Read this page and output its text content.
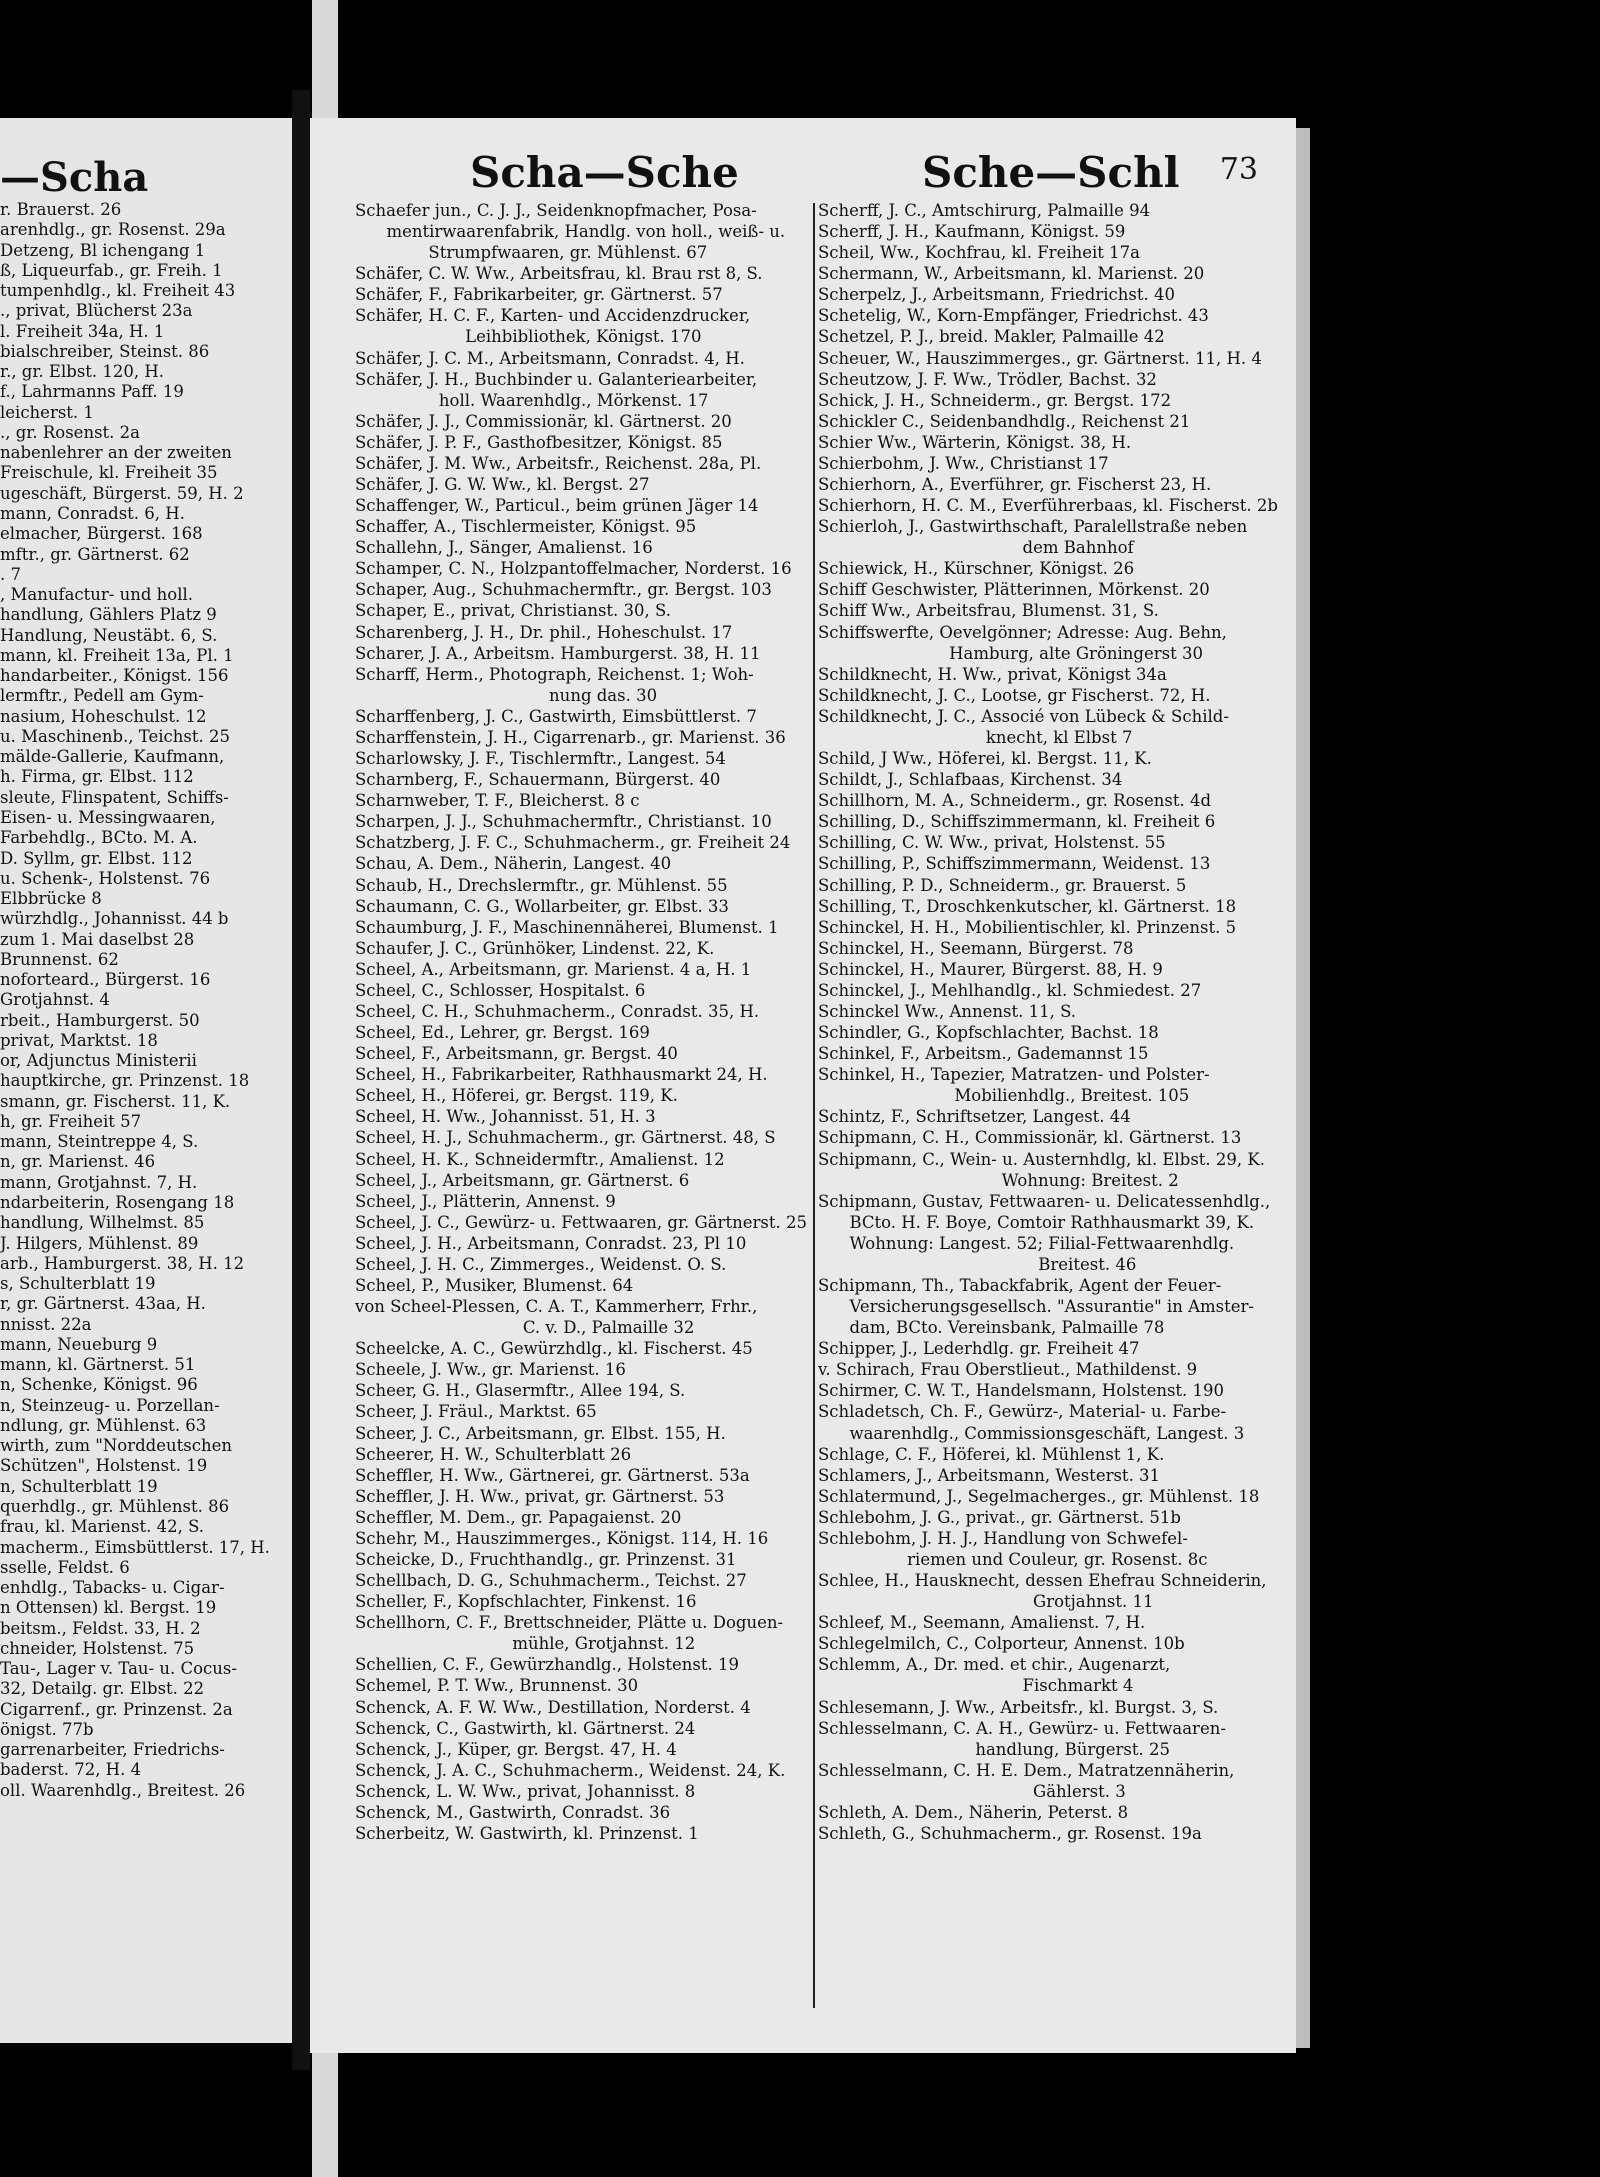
—Scha
r. Brauerst. 26
arenhdlg., gr. Rosenst. 29a
Detzeng, Bl ichengang 1
ß, Liqueurfab., gr. Freih. 1
tumpenhdlg., kl. Freiheit 43
., privat, Blücherst 23a
l. Freiheit 34a, H. 1
bialschreiber, Steinst. 86
r., gr. Elbst. 120, H.
f., Lahrmanns Paff. 19
leicherst. 1
., gr. Rosenst. 2a
nabenlehrer an der zweiten
Freischule, kl. Freiheit 35
ugeschäft, Bürgerst. 59, H. 2
mann, Conradst. 6, H.
elmacher, Bürgerst. 168
mftr., gr. Gärtnerst. 62
. 7
, Manufactur- und holl.
handlung, Gählers Platz 9
Handlung, Neustäbt. 6, S.
mann, kl. Freiheit 13a, Pl. 1
handarbeiter., Königst. 156
lermftr., Pedell am Gym-
nasium, Hoheschulst. 12
u. Maschinenb., Teichst. 25
mälde-Gallerie, Kaufmann,
h. Firma, gr. Elbst. 112
sleute, Flinspatent, Schiffs-
Eisen- u. Messingwaaren,
Farbehdlg., BCto. M. A.
D. Syllm, gr. Elbst. 112
u. Schenk-, Holstenst. 76
Elbbrücke 8
würzhdlg., Johannisst. 44 b
zum 1. Mai daselbst 28
Brunnenst. 62
noforteard., Bürgerst. 16
Grotjahnst. 4
rbeit., Hamburgerst. 50
privat, Marktst. 18
or, Adjunctus Ministerii
hauptkirche, gr. Prinzenst. 18
smann, gr. Fischerst. 11, K.
h, gr. Freiheit 57
mann, Steintreppe 4, S.
n, gr. Marienst. 46
mann, Grotjahnst. 7, H.
ndarbeiterin, Rosengang 18
handlung, Wilhelmst. 85
J. Hilgers, Mühlenst. 89
arb., Hamburgerst. 38, H. 12
s, Schulterblatt 19
r, gr. Gärtnerst. 43aa, H.
nnisst. 22a
mann, Neueburg 9
mann, kl. Gärtnerst. 51
n, Schenke, Königst. 96
n, Steinzeug- u. Porzellan-
ndlung, gr. Mühlenst. 63
wirth, zum "Norddeutschen
Schützen", Holstenst. 19
n, Schulterblatt 19
querhdlg., gr. Mühlenst. 86
frau, kl. Marienst. 42, S.
macherm., Eimsbüttlerst. 17, H.
sselle, Feldst. 6
enhdlg., Tabacks- u. Cigar-
n Ottensen) kl. Bergst. 19
beitsm., Feldst. 33, H. 2
chneider, Holstenst. 75
Tau-, Lager v. Tau- u. Cocus-
32, Detailg. gr. Elbst. 22
Cigarrenf., gr. Prinzenst. 2a
önigst. 77b
garrenarbeiter, Friedrichs-
baderst. 72, H. 4
oll. Waarenhdlg., Breitest. 26
Scha—Sche	Sche—Schl 73
Schaefer jun., C. J. J., Seidenknopfmacher, Posa-
mentirwaarenfabrik, Handlg. von holl., weiß- u.
Strumpfwaaren, gr. Mühlenst. 67
Schäfer, C. W. Ww., Arbeitsfrau, kl. Brau rst 8, S.
Schäfer, F., Fabrikarbeiter, gr. Gärtnerst. 57
Schäfer, H. C. F., Karten- und Accidenzdrucker,
Leihbibliothek, Königst. 170
Schäfer, J. C. M., Arbeitsmann, Conradst. 4, H.
Schäfer, J. H., Buchbinder u. Galanteriearbeiter,
holl. Waarenhdlg., Mörkenst. 17
Schäfer, J. J., Commissionär, kl. Gärtnerst. 20
Schäfer, J. P. F., Gasthofbesitzer, Königst. 85
Schäfer, J. M. Ww., Arbeitsfr., Reichenst. 28a, Pl.
Schäfer, J. G. W. Ww., kl. Bergst. 27
Schaffenger, W., Particul., beim grünen Jäger 14
Schaffer, A., Tischlermeister, Königst. 95
Schallehn, J., Sänger, Amalienst. 16
Schamper, C. N., Holzpantoffelmacher, Norderst. 16
Schaper, Aug., Schuhmachermftr., gr. Bergst. 103
Schaper, E., privat, Christianst. 30, S.
Scharenberg, J. H., Dr. phil., Hoheschulst. 17
Scharer, J. A., Arbeitsm. Hamburgerst. 38, H. 11
Scharff, Herm., Photograph, Reichenst. 1; Woh-
nung das. 30
Scharffenberg, J. C., Gastwirth, Eimsbüttlerst. 7
Scharffenstein, J. H., Cigarrenarb., gr. Marienst. 36
Scharlowsky, J. F., Tischlermftr., Langest. 54
Scharnberg, F., Schauermann, Bürgerst. 40
Scharnweber, T. F., Bleicherst. 8 c
Scharpen, J. J., Schuhmachermftr., Christianst. 10
Schatzberg, J. F. C., Schuhmacherm., gr. Freiheit 24
Schau, A. Dem., Näherin, Langest. 40
Schaub, H., Drechslermftr., gr. Mühlenst. 55
Schaumann, C. G., Wollarbeiter, gr. Elbst. 33
Schaumburg, J. F., Maschinennäherei, Blumenst. 1
Schaufer, J. C., Grünhöker, Lindenst. 22, K.
Scheel, A., Arbeitsmann, gr. Marienst. 4 a, H. 1
Scheel, C., Schlosser, Hospitalst. 6
Scheel, C. H., Schuhmacherm., Conradst. 35, H.
Scheel, Ed., Lehrer, gr. Bergst. 169
Scheel, F., Arbeitsmann, gr. Bergst. 40
Scheel, H., Fabrikarbeiter, Rathhausmarkt 24, H.
Scheel, H., Höferei, gr. Bergst. 119, K.
Scheel, H. Ww., Johannisst. 51, H. 3
Scheel, H. J., Schuhmacherm., gr. Gärtnerst. 48, S
Scheel, H. K., Schneidermftr., Amalienst. 12
Scheel, J., Arbeitsmann, gr. Gärtnerst. 6
Scheel, J., Plätterin, Annenst. 9
Scheel, J. C., Gewürz- u. Fettwaaren, gr. Gärtnerst. 25
Scheel, J. H., Arbeitsmann, Conradst. 23, Pl 10
Scheel, J. H. C., Zimmerges., Weidenst. O. S.
Scheel, P., Musiker, Blumenst. 64
von Scheel-Plessen, C. A. T., Kammerherr, Frhr.,
C. v. D., Palmaille 32
Scheelcke, A. C., Gewürzhdlg., kl. Fischerst. 45
Scheele, J. Ww., gr. Marienst. 16
Scheer, G. H., Glasermftr., Allee 194, S.
Scheer, J. Fräul., Marktst. 65
Scheer, J. C., Arbeitsmann, gr. Elbst. 155, H.
Scheerer, H. W., Schulterblatt 26
Scheffler, H. Ww., Gärtnerei, gr. Gärtnerst. 53a
Scheffler, J. H. Ww., privat, gr. Gärtnerst. 53
Scheffler, M. Dem., gr. Papagaienst. 20
Schehr, M., Hauszimmerges., Königst. 114, H. 16
Scheicke, D., Fruchthandlg., gr. Prinzenst. 31
Schellbach, D. G., Schuhmacherm., Teichst. 27
Scheller, F., Kopfschlachter, Finkenst. 16
Schellhorn, C. F., Brettschneider, Plätte u. Doguen-
mühle, Grotjahnst. 12
Schellien, C. F., Gewürzhandlg., Holstenst. 19
Schemel, P. T. Ww., Brunnenst. 30
Schenck, A. F. W. Ww., Destillation, Norderst. 4
Schenck, C., Gastwirth, kl. Gärtnerst. 24
Schenck, J., Küper, gr. Bergst. 47, H. 4
Schenck, J. A. C., Schuhmacherm., Weidenst. 24, K.
Schenck, L. W. Ww., privat, Johannisst. 8
Schenck, M., Gastwirth, Conradst. 36
Scherbeitz, W. Gastwirth, kl. Prinzenst. 1
Scherff, J. C., Amtschirurg, Palmaille 94
Scherff, J. H., Kaufmann, Königst. 59
Scheil, Ww., Kochfrau, kl. Freiheit 17a
Schermann, W., Arbeitsmann, kl. Marienst. 20
Scherpelz, J., Arbeitsmann, Friedrichst. 40
Schetelig, W., Korn-Empfänger, Friedrichst. 43
Schetzel, P. J., breid. Makler, Palmaille 42
Scheuer, W., Hauszimmerges., gr. Gärtnerst. 11, H. 4
Scheutzow, J. F. Ww., Trödler, Bachst. 32
Schick, J. H., Schneiderm., gr. Bergst. 172
Schickler C., Seidenbandhdlg., Reichenst 21
Schier Ww., Wärterin, Königst. 38, H.
Schierbohm, J. Ww., Christianst 17
Schierhorn, A., Everführer, gr. Fischerst 23, H.
Schierhorn, H. C. M., Everführerbaas, kl. Fischerst. 2b
Schierloh, J., Gastwirthschaft, Paralellstraße neben
dem Bahnhof
Schiewick, H., Kürschner, Königst. 26
Schiff Geschwister, Plätterinnen, Mörkenst. 20
Schiff Ww., Arbeitsfrau, Blumenst. 31, S.
Schiffswerfte, Oevelgönner; Adresse: Aug. Behn,
Hamburg, alte Gröningerst 30
Schildknecht, H. Ww., privat, Königst 34a
Schildknecht, J. C., Lootse, gr Fischerst. 72, H.
Schildknecht, J. C., Associé von Lübeck & Schild-
knecht, kl Elbst 7
Schild, J Ww., Höferei, kl. Bergst. 11, K.
Schildt, J., Schlafbaas, Kirchenst. 34
Schillhorn, M. A., Schneiderm., gr. Rosenst. 4d
Schilling, D., Schiffszimmermann, kl. Freiheit 6
Schilling, C. W. Ww., privat, Holstenst. 55
Schilling, P., Schiffszimmermann, Weidenst. 13
Schilling, P. D., Schneiderm., gr. Brauerst. 5
Schilling, T., Droschkenkutscher, kl. Gärtnerst. 18
Schinckel, H. H., Mobilientischler, kl. Prinzenst. 5
Schinckel, H., Seemann, Bürgerst. 78
Schinckel, H., Maurer, Bürgerst. 88, H. 9
Schinckel, J., Mehlhandlg., kl. Schmiedest. 27
Schinckel Ww., Annenst. 11, S.
Schindler, G., Kopfschlachter, Bachst. 18
Schinkel, F., Arbeitsm., Gademannst 15
Schinkel, H., Tapezier, Matratzen- und Polster-
Mobilienhdlg., Breitest. 105
Schintz, F., Schriftsetzer, Langest. 44
Schipmann, C. H., Commissionär, kl. Gärtnerst. 13
Schipmann, C., Wein- u. Austernhdlg, kl. Elbst. 29, K.
Wohnung: Breitest. 2
Schipmann, Gustav, Fettwaaren- u. Delicatessenhdlg.,
BCto. H. F. Boye, Comtoir Rathhausmarkt 39, K.
Wohnung: Langest. 52; Filial-Fettwaarenhdlg.
Breitest. 46
Schipmann, Th., Tabackfabrik, Agent der Feuer-
Versicherungsgesellsch. "Assurantie" in Amster-
dam, BCto. Vereinsbank, Palmaille 78
Schipper, J., Lederhdlg. gr. Freiheit 47
v. Schirach, Frau Oberstlieut., Mathildenst. 9
Schirmer, C. W. T., Handelsmann, Holstenst. 190
Schladetsch, Ch. F., Gewürz-, Material- u. Farbe-
waarenhdlg., Commissionsgeschäft, Langest. 3
Schlage, C. F., Höferei, kl. Mühlenst 1, K.
Schlamers, J., Arbeitsmann, Westerst. 31
Schlatermund, J., Segelmacherges., gr. Mühlenst. 18
Schlebohm, J. G., privat., gr. Gärtnerst. 51b
Schlebohm, J. H. J., Handlung von Schwefel-
riemen und Couleur, gr. Rosenst. 8c
Schlee, H., Hausknecht, dessen Ehefrau Schneiderin,
Grotjahnst. 11
Schleef, M., Seemann, Amalienst. 7, H.
Schlegelmilch, C., Colporteur, Annenst. 10b
Schlemm, A., Dr. med. et chir., Augenarzt,
Fischmarkt 4
Schlesemann, J. Ww., Arbeitsfr., kl. Burgst. 3, S.
Schlesselmann, C. A. H., Gewürz- u. Fettwaaren-
handlung, Bürgerst. 25
Schlesselmann, C. H. E. Dem., Matratzennäherin,
Gählerst. 3
Schleth, A. Dem., Näherin, Peterst. 8
Schleth, G., Schuhmacherm., gr. Rosenst. 19a
